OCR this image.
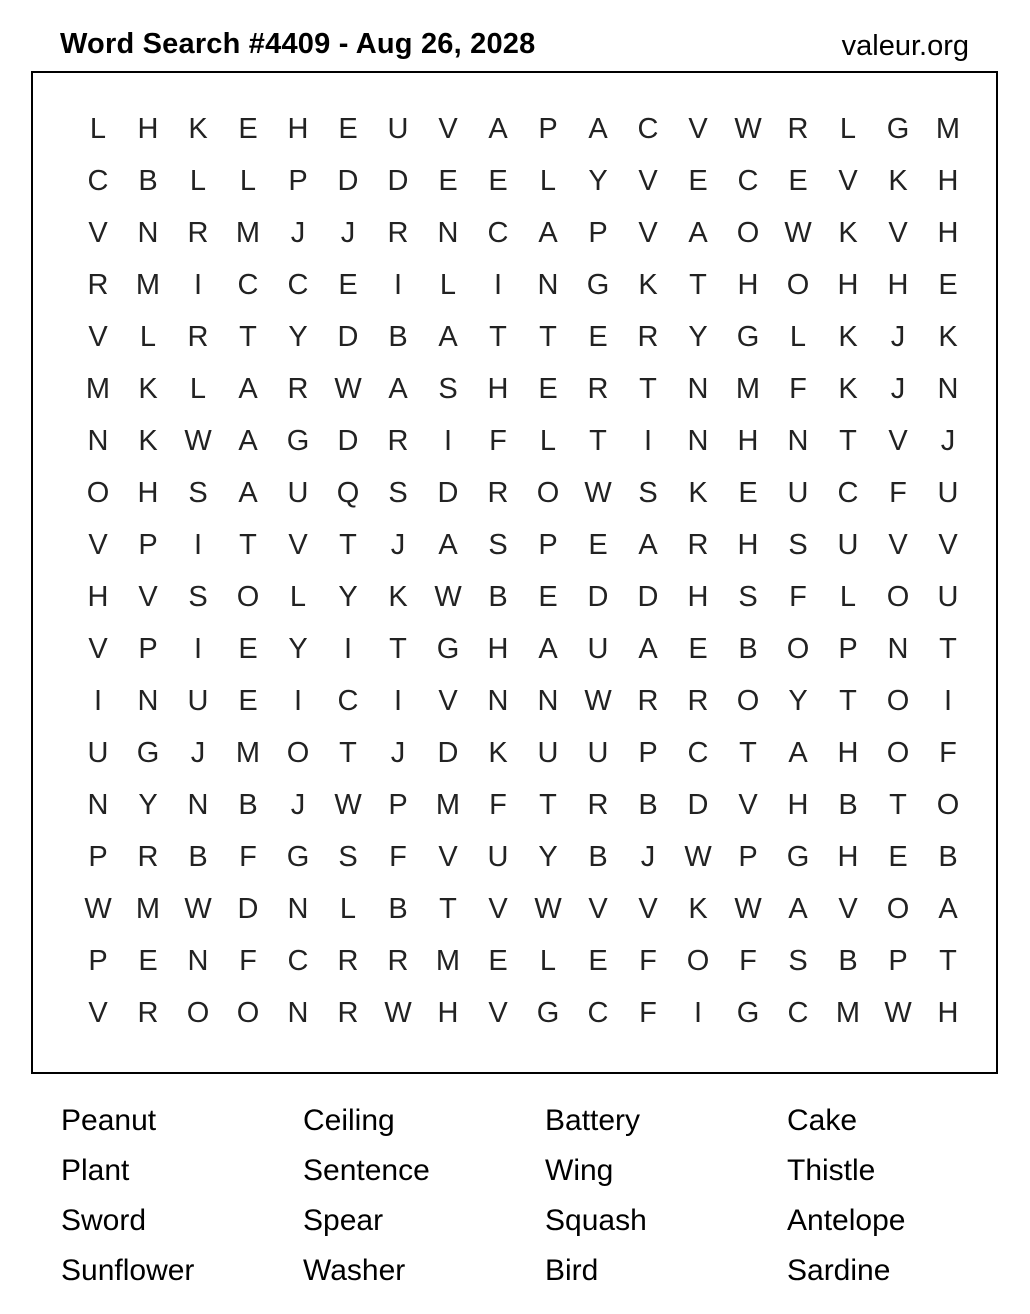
Word Search #4409 - Aug 26, 2028	valeur.org
L	H	K	E	H	E	U	V	A	P	A	C	V W R	L	G M
C	B	L	L	P	D	D	E	E	L	Y	V	E	C	E	V	K	H
V	N	R M	J	J	R	N	C	A	P	V	A	O W K	V	H
R M	I	C	C	E	I	L	I	N G	K	T	H O H	H	E
V	L	R	T	Y	D	B	A	T	T	E	R	Y	G	L	K	J	K
M K	L	A	R W A	S	H	E	R	T	N M	F	K	J	N
N	K W A	G D	R	I	F	L	T	I	N	H	N	T	V	J
O H	S	A	U Q	S	D	R O W S	K	E	U	C	F	U
V	P	I	T	V	T	J	A	S	P	E	A	R	H	S	U	V	V
H	V	S	O	L	Y	K W B	E	D	D	H	S	F	L	O U
V	P	I	E	Y	I	T	G H	A	U	A	E	B	O	P	N	T
I	N	U	E	I	C	I	V	N	N W R	R O	Y	T	O	I
U G	J	M O	T	J	D	K	U	U	P	C	T	A	H O	F
N	Y	N	B	J	W P M	F	T	R	B	D	V	H	B	T	O
P	R	B	F	G	S	F	V	U	Y	B	J	W P	G H	E	B
W M W D	N	L	B	T	V W V	V	K W A	V	O	A
P	E	N	F	C	R	R M E	L	E	F	O	F	S	B	P	T
V	R O O N	R W H	V	G C	F	I	G C M W H
Peanut	Ceiling	Battery	Cake
Plant	Sentence	Wing	Thistle
Sword	Spear	Squash	Antelope
Sunflower	Washer	Bird	Sardine
